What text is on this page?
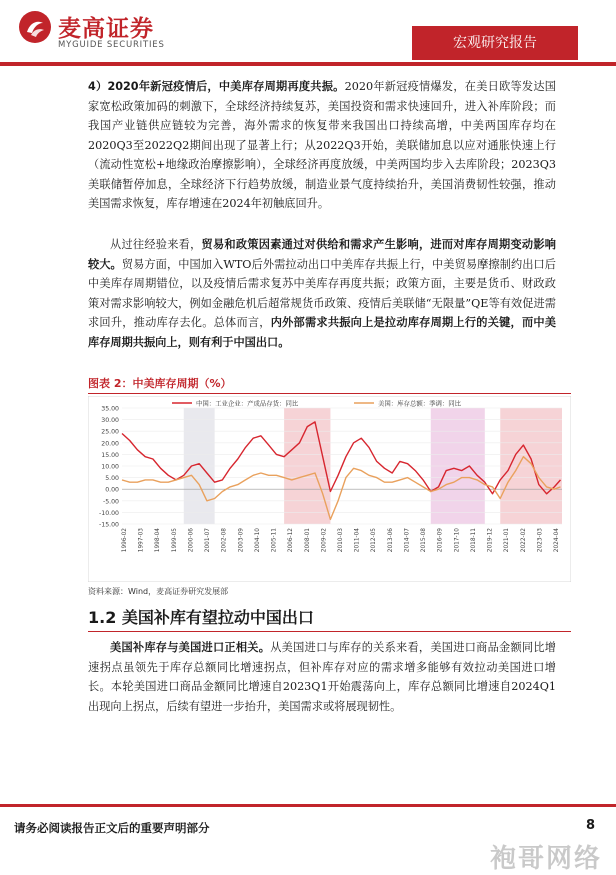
麦高证券
MYGUIDE SECURITIES	宏观研究报告

4）2020年新冠疫情后，中美库存周期再度共振。2020年新冠疫情爆发，在美日欧等发达国家宽松政策加码的刺激下，全球经济持续复苏，美国投资和需求快速回升，进入补库阶段；而我国产业链供应链较为完善，海外需求的恢复带来我国出口持续高增，中美两国库存均在2020Q3至2022Q2期间出现了显著上行；从2022Q3开始，美联储加息以应对通胀快速上行（流动性宽松+地缘政治摩擦影响），全球经济再度放缓，中美两国均步入去库阶段；2023Q3美联储暂停加息，全球经济下行趋势放缓，制造业景气度持续抬升，美国消费韧性较强，推动美国需求恢复，库存增速在2024年初触底回升。

从过往经验来看，贸易和政策因素通过对供给和需求产生影响，进而对库存周期变动影响较大。贸易方面，中国加入WTO后外需拉动出口中美库存共振上行，中美贸易摩擦制约出口后中美库存周期错位，以及疫情后需求复苏中美库存再度共振；政策方面，主要是货币、财政政策对需求影响较大，例如金融危机后超常规货币政策、疫情后美联储“无限量”QE等有效促进需求回升，推动库存去化。总体而言，内外部需求共振向上是拉动库存周期上行的关键，而中美库存周期共振向上，则有利于中国出口。

图表 2：中美库存周期（%）
35.00
30.00
25.00
20.00
15.00
10.00
5.00
0.00
-5.00
-10.00
-15.00
1996-02 1997-03 1998-04 1999-05 2000-06 2001-07 2002-08 2003-09 2004-10 2005-11 2006-12 2008-01 2009-02 2010-03 2011-04 2012-05 2013-06 2014-07 2015-08 2016-09 2017-10 2018-11 2019-12 2021-01 2022-02 2023-03 2024-04
中国：工业企业：产成品存货：同比	美国：库存总额：季调：同比
资料来源：Wind，麦高证券研究发展部
1.2 美国补库有望拉动中国出口

美国补库存与美国进口正相关。从美国进口与库存的关系来看，美国进口商品金额同比增速拐点虽领先于库存总额同比增速拐点，但补库存对应的需求增多能够有效拉动美国进口增长。本轮美国进口商品金额同比增速自2023Q1开始震荡向上，库存总额同比增速自2024Q1出现向上拐点，后续有望进一步抬升，美国需求或将展现韧性。

请务必阅读报告正文后的重要声明部分	8
袍哥网络
